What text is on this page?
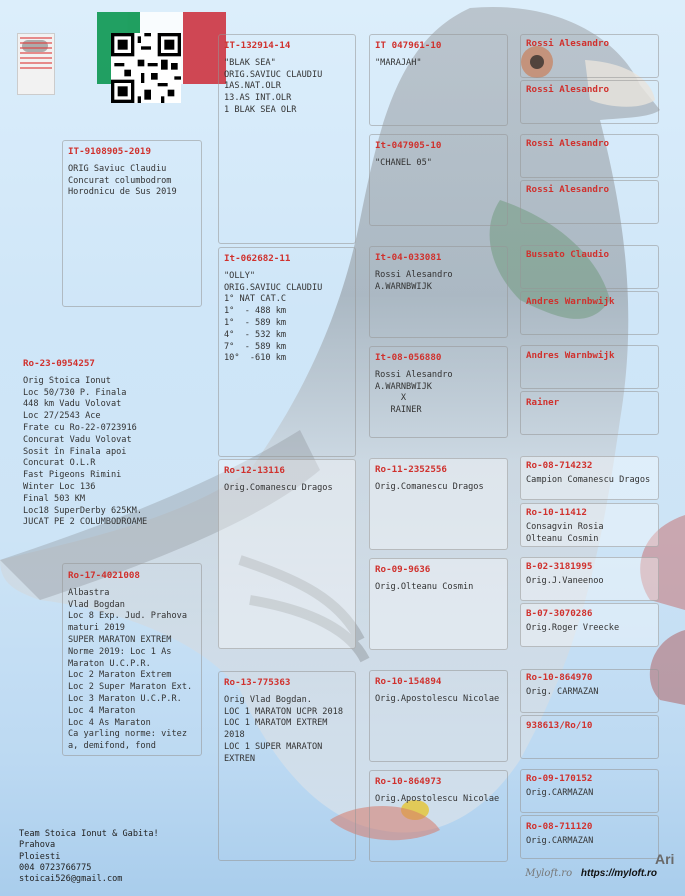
Ro-23-0954257
Orig Stoica Ionut
Loc 50/730 P. Finala
448 km Vadu Volovat
Loc 27/2543 Ace
Frate cu Ro-22-0723916
Concurat Vadu Volovat
Sosit în Finala apoi
Concurat O.L.R
Fast Pigeons Rimini
Winter Loc 136
Final 503 KM
Loc18 SuperDerby 625KM.
JUCAT PE 2 COLUMBODROAME
IT-9108905-2019
ORIG Saviuc Claudiu
Concurat columbodrom
Horodnicu de Sus 2019
Ro-17-4021008
Albastra
Vlad Bogdan
Loc 8 Exp. Jud. Prahova
maturi 2019
SUPER MARATON EXTREM
Norme 2019: Loc 1 As
Maraton U.C.P.R.
Loc 2 Maraton Extrem
Loc 2 Super Maraton Ext.
Loc 3 Maraton U.C.P.R.
Loc 4 Maraton
Loc 4 As Maraton
Ca yarling norme: vitez
a, demifond, fond
IT-132914-14
"BLAK SEA"
ORIG.SAVIUC CLAUDIU
1AS.NAT.OLR
13.AS INT.OLR
1 BLAK SEA OLR
It-062682-11
"OLLY"
ORIG.SAVIUC CLAUDIU
1° NAT CAT.C
1°  - 488 km
1°  - 589 km
4°  - 532 km
7°  - 589 km
10°  -610 km
Ro-12-13116
Orig.Comanescu Dragos
Ro-13-775363
Orig Vlad Bogdan.
LOC 1 MARATON UCPR 2018
LOC 1 MARATOM EXTREM
2018
LOC 1 SUPER MARATON
EXTREN
IT 047961-10
"MARAJAH"
It-047905-10
"CHANEL 05"
It-04-033081
Rossi Alesandro
A.WARNBWIJK
It-08-056880
Rossi Alesandro
A.WARNBWIJK
X
RAINER
Ro-11-2352556
Orig.Comanescu Dragos
Ro-09-9636
Orig.Olteanu Cosmin
Ro-10-154894
Orig.Apostolescu Nicolae
Ro-10-864973
Orig.Apostolescu Nicolae
Rossi Alesandro
Rossi Alesandro
Rossi Alesandro
Rossi Alesandro
Bussato Claudio
Andres Warnbwijk
Andres Warnbwijk
Rainer
Ro-08-714232
Campion Comanescu Dragos
Ro-10-11412
Consagvin Rosia
Olteanu Cosmin
B-02-3181995
Orig.J.Vaneenoo
B-07-3070286
Orig.Roger Vreecke
Ro-10-864970
Orig. CARMAZAN
938613/Ro/10
Ro-09-170152
Orig.CARMAZAN
Ro-08-711120
Orig.CARMAZAN
Team Stoica Ionut & Gabita!
Prahova
Ploiesti
004 0723766775
stoicai526@gmail.com
Ari
Myloft.ro https://myloft.ro
